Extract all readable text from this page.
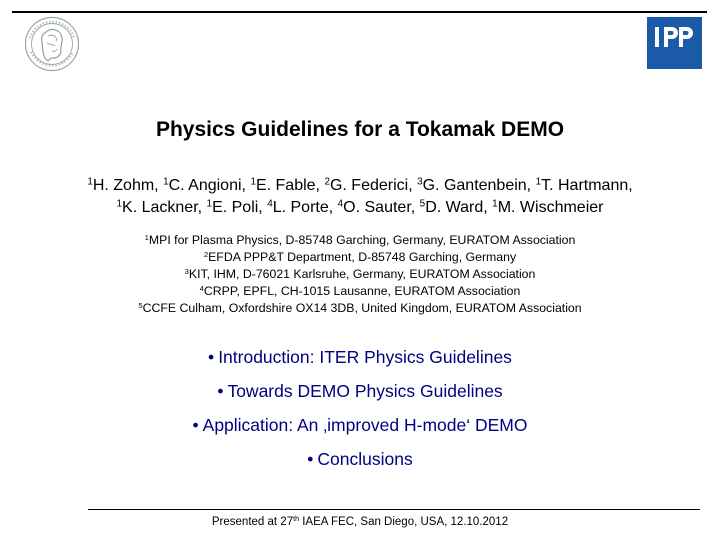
IPP
Physics Guidelines for a Tokamak DEMO
$^1$H. Zohm, $^1$C. Angioni, $^1$E. Fable, $^2$G. Federici, $^3$G. Gantenbein, $^1$T. Hartmann,
$^1$K. Lackner, $^1$E. Poli, $^4$L. Porte, $^4$O. Sauter, $^5$D. Ward, $^1$M. Wischmeier
$^1$MPI for Plasma Physics, D-85748 Garching, Germany, EURATOM Association
$^2$EFDA PPP&T Department, D-85748 Garching, Germany
$^3$KIT, IHM, D-76021 Karlsruhe, Germany, EURATOM Association
$^4$CRPP, EPFL, CH-1015 Lausanne, EURATOM Association
$^5$CCFE Culham, Oxfordshire OX14 3DB, United Kingdom, EURATOM Association
• Introduction: ITER Physics Guidelines
• Towards DEMO Physics Guidelines
• Application: An ‚improved H-mode‘ DEMO
• Conclusions
Presented at 27th IAEA FEC, San Diego, USA, 12.10.2012
